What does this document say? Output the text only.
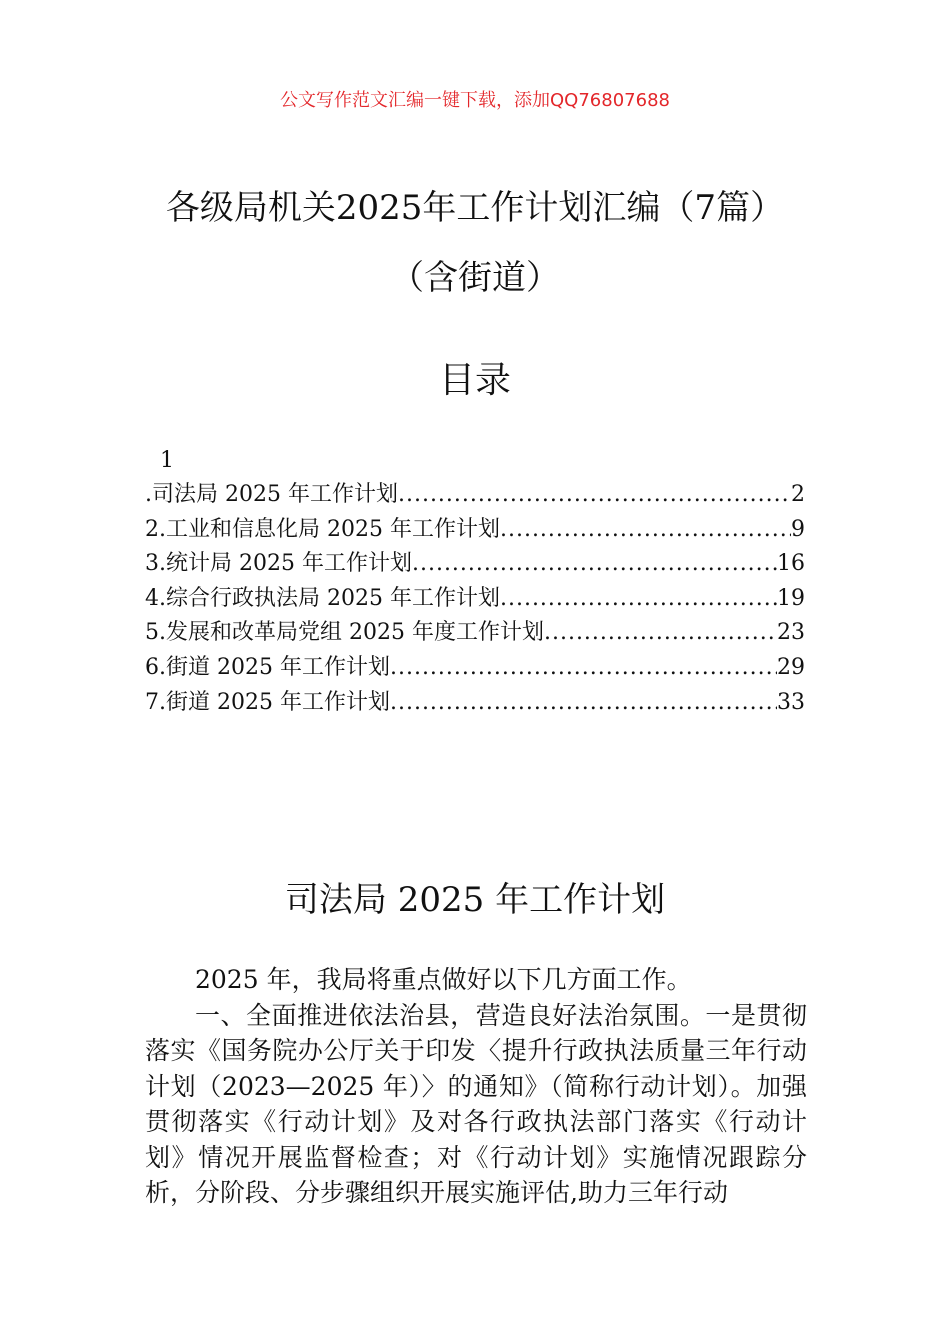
公文写作范文汇编一键下载，添加QQ76807688
各级局机关2025年工作计划汇编（7篇）
（含街道）
目录
1
.司法局 2025 年工作计划 .....	2
2.工业和信息化局 2025 年工作计划 .....	9
3.统计局 2025 年工作计划 .....	16
4.综合行政执法局 2025 年工作计划 .....	19
5.发展和改革局党组 2025 年度工作计划 .....	23
6.街道 2025 年工作计划 .....	29
7.街道 2025 年工作计划 .....	33
司法局 2025 年工作计划

2025 年，我局将重点做好以下几方面工作。

一、全面推进依法治县，营造良好法治氛围。一是贯彻落实《国务院办公厅关于印发〈提升行政执法质量三年行动计划（2023—2025 年）〉的通知》（简称行动计划）。加强贯彻落实《行动计划》及对各行政执法部门落实《行动计划》情况开展监督检查；对《行动计划》实施情况跟踪分析，分阶段、分步骤组织开展实施评估,助力三年行动
